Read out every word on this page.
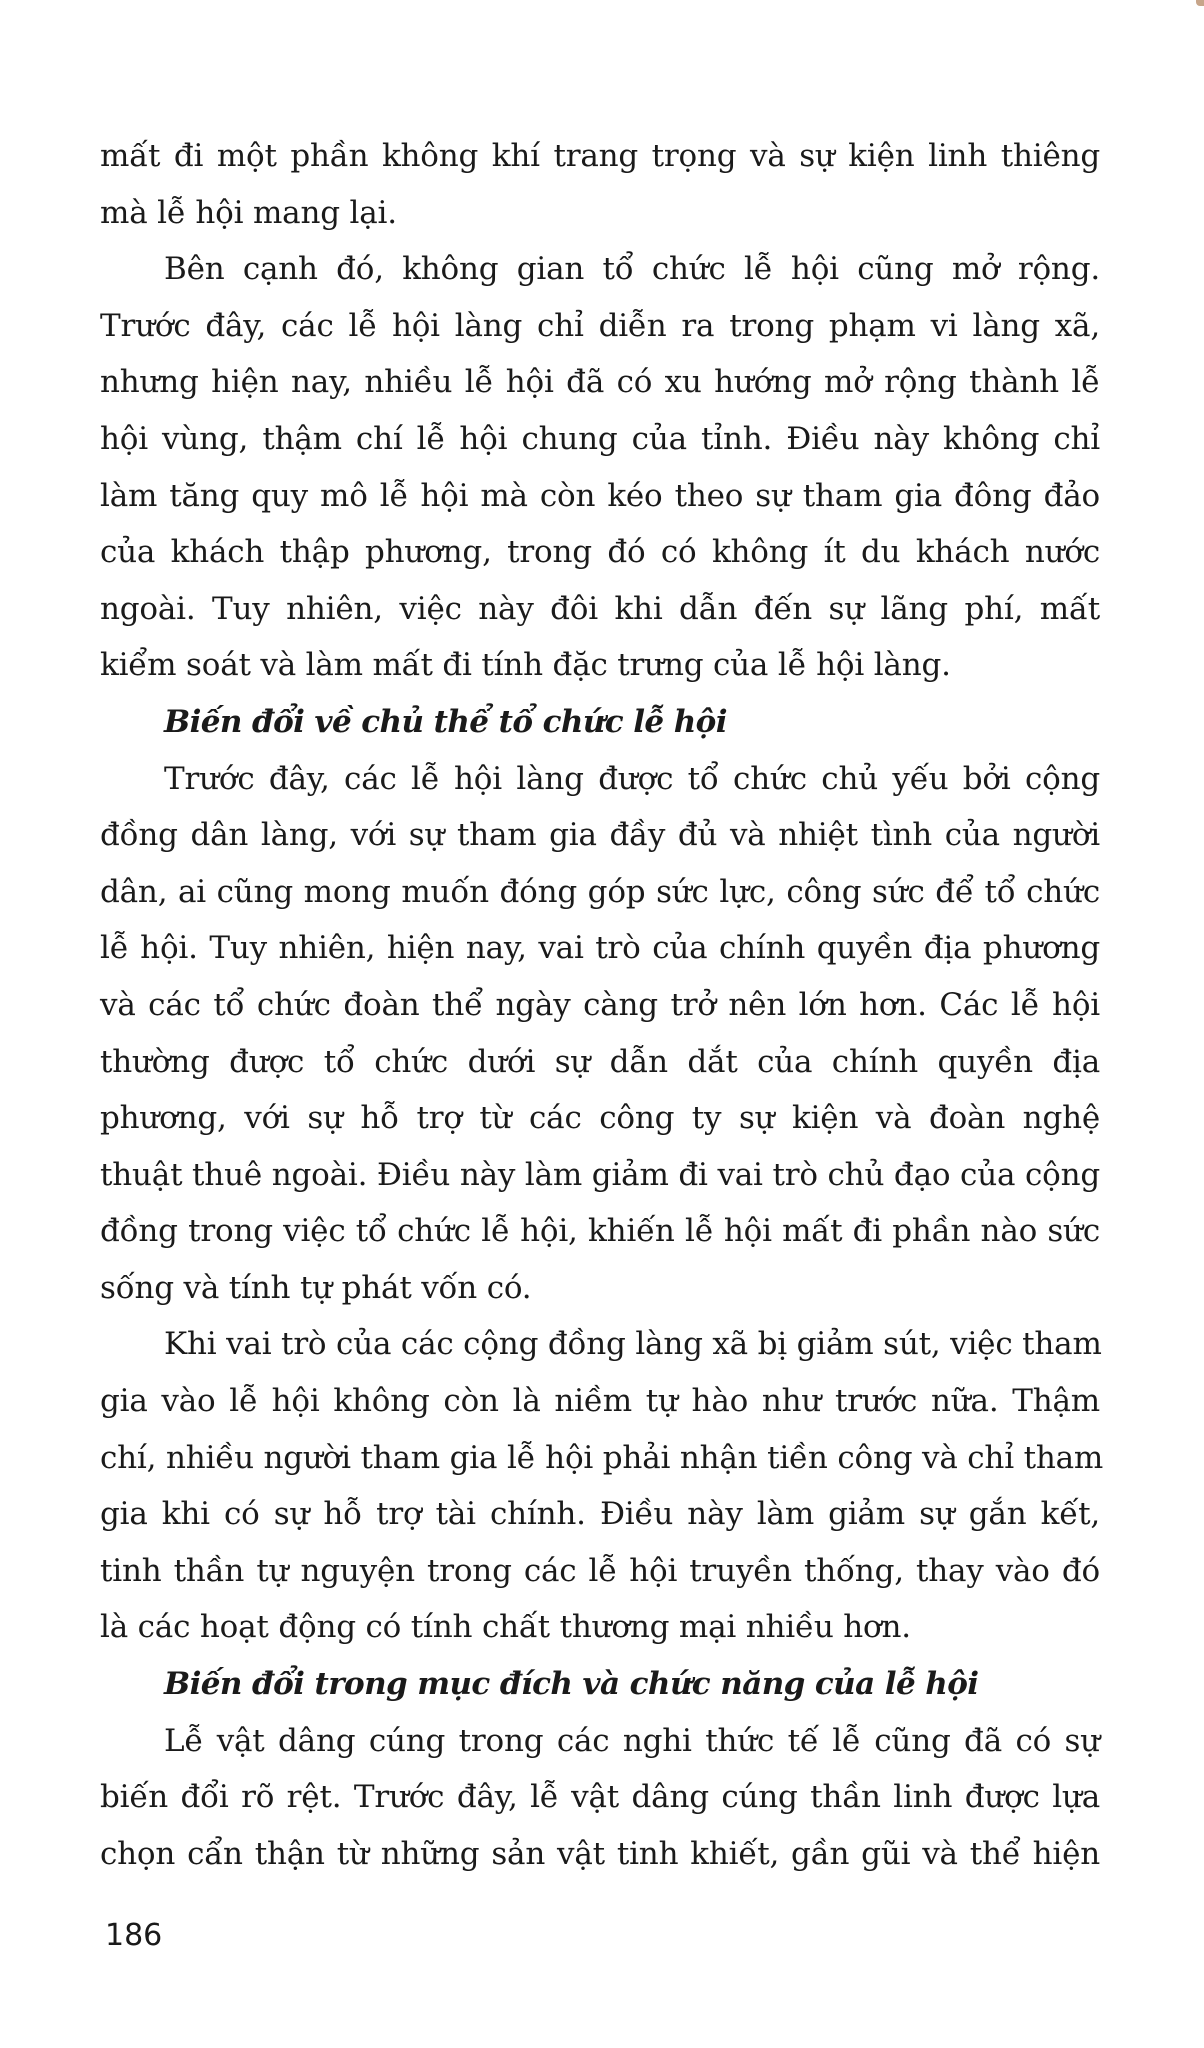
mất đi một phần không khí trang trọng và sự kiện linh thiêng
mà lễ hội mang lại.
Bên cạnh đó, không gian tổ chức lễ hội cũng mở rộng.
Trước đây, các lễ hội làng chỉ diễn ra trong phạm vi làng xã,
nhưng hiện nay, nhiều lễ hội đã có xu hướng mở rộng thành lễ
hội vùng, thậm chí lễ hội chung của tỉnh. Điều này không chỉ
làm tăng quy mô lễ hội mà còn kéo theo sự tham gia đông đảo
của khách thập phương, trong đó có không ít du khách nước
ngoài. Tuy nhiên, việc này đôi khi dẫn đến sự lãng phí, mất
kiểm soát và làm mất đi tính đặc trưng của lễ hội làng.
Biến đổi về chủ thể tổ chức lễ hội
Trước đây, các lễ hội làng được tổ chức chủ yếu bởi cộng
đồng dân làng, với sự tham gia đầy đủ và nhiệt tình của người
dân, ai cũng mong muốn đóng góp sức lực, công sức để tổ chức
lễ hội. Tuy nhiên, hiện nay, vai trò của chính quyền địa phương
và các tổ chức đoàn thể ngày càng trở nên lớn hơn. Các lễ hội
thường được tổ chức dưới sự dẫn dắt của chính quyền địa
phương, với sự hỗ trợ từ các công ty sự kiện và đoàn nghệ
thuật thuê ngoài. Điều này làm giảm đi vai trò chủ đạo của cộng
đồng trong việc tổ chức lễ hội, khiến lễ hội mất đi phần nào sức
sống và tính tự phát vốn có.
Khi vai trò của các cộng đồng làng xã bị giảm sút, việc tham
gia vào lễ hội không còn là niềm tự hào như trước nữa. Thậm
chí, nhiều người tham gia lễ hội phải nhận tiền công và chỉ tham
gia khi có sự hỗ trợ tài chính. Điều này làm giảm sự gắn kết,
tinh thần tự nguyện trong các lễ hội truyền thống, thay vào đó
là các hoạt động có tính chất thương mại nhiều hơn.
Biến đổi trong mục đích và chức năng của lễ hội
Lễ vật dâng cúng trong các nghi thức tế lễ cũng đã có sự
biến đổi rõ rệt. Trước đây, lễ vật dâng cúng thần linh được lựa
chọn cẩn thận từ những sản vật tinh khiết, gần gũi và thể hiện
186
